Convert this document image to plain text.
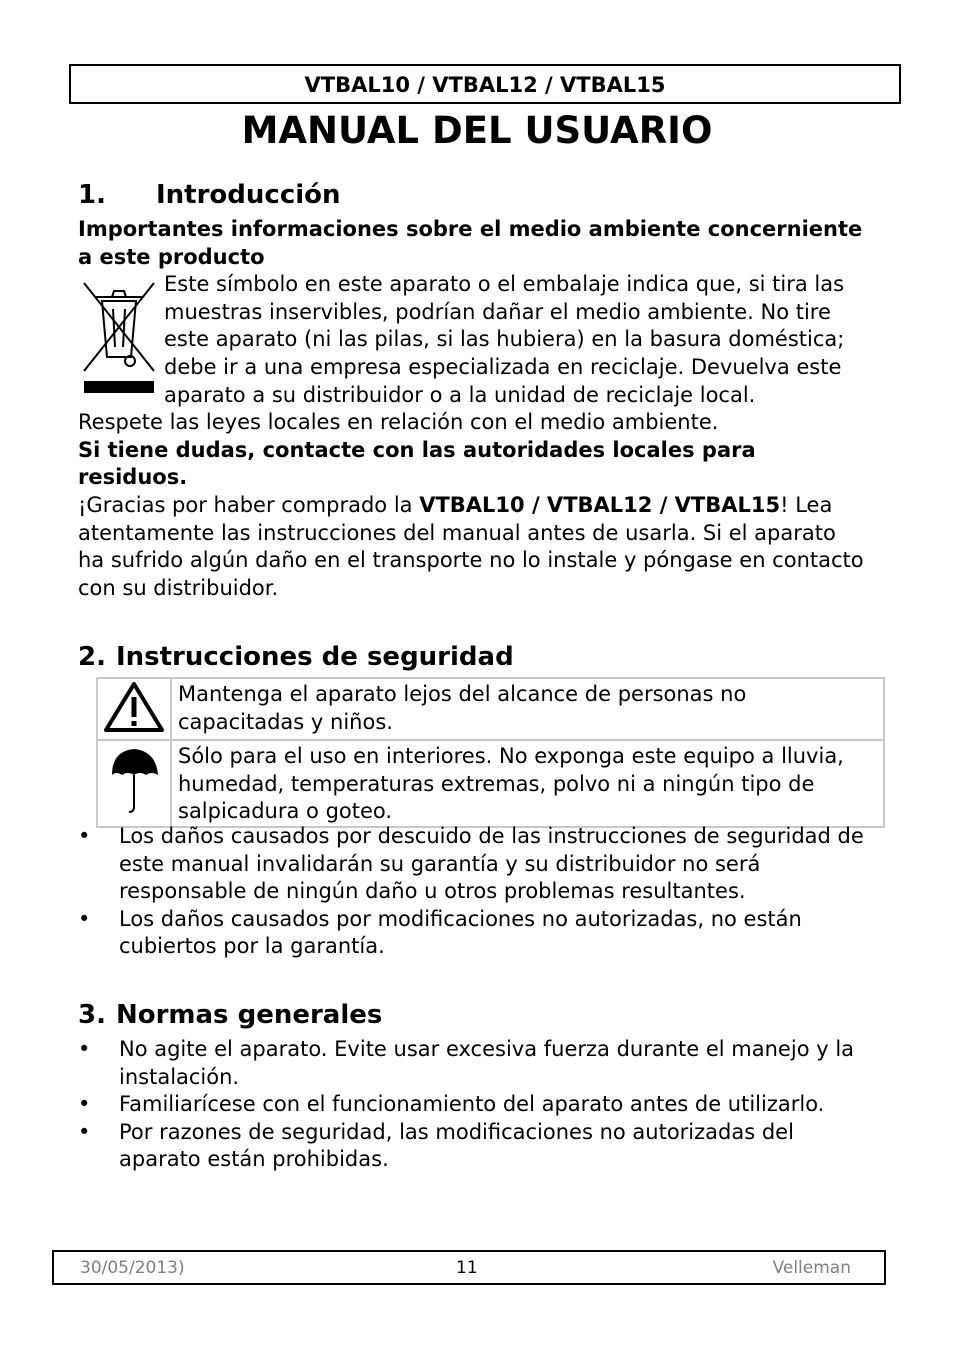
VTBAL10 / VTBAL12 / VTBAL15
MANUAL DEL USUARIO
1. Introducción
Importantes informaciones sobre el medio ambiente concerniente a este producto
Este símbolo en este aparato o el embalaje indica que, si tira las muestras inservibles, podrían dañar el medio ambiente. No tire este aparato (ni las pilas, si las hubiera) en la basura doméstica; debe ir a una empresa especializada en reciclaje. Devuelva este aparato a su distribuidor o a la unidad de reciclaje local.
Respete las leyes locales en relación con el medio ambiente.
Si tiene dudas, contacte con las autoridades locales para residuos.
¡Gracias por haber comprado la VTBAL10 / VTBAL12 / VTBAL15! Lea atentamente las instrucciones del manual antes de usarla. Si el aparato ha sufrido algún daño en el transporte no lo instale y póngase en contacto con su distribuidor.
2. Instrucciones de seguridad
	Mantenga el aparato lejos del alcance de personas no capacitadas y niños.
	Sólo para el uso en interiores. No exponga este equipo a lluvia, humedad, temperaturas extremas, polvo ni a ningún tipo de salpicadura o goteo.
•	Los daños causados por descuido de las instrucciones de seguridad de este manual invalidarán su garantía y su distribuidor no será responsable de ningún daño u otros problemas resultantes.
•	Los daños causados por modificaciones no autorizadas, no están cubiertos por la garantía.
3. Normas generales
•	No agite el aparato. Evite usar excesiva fuerza durante el manejo y la instalación.
•	Familiarícese con el funcionamiento del aparato antes de utilizarlo.
•	Por razones de seguridad, las modificaciones no autorizadas del aparato están prohibidas.
30/05/2013)	11	Velleman
